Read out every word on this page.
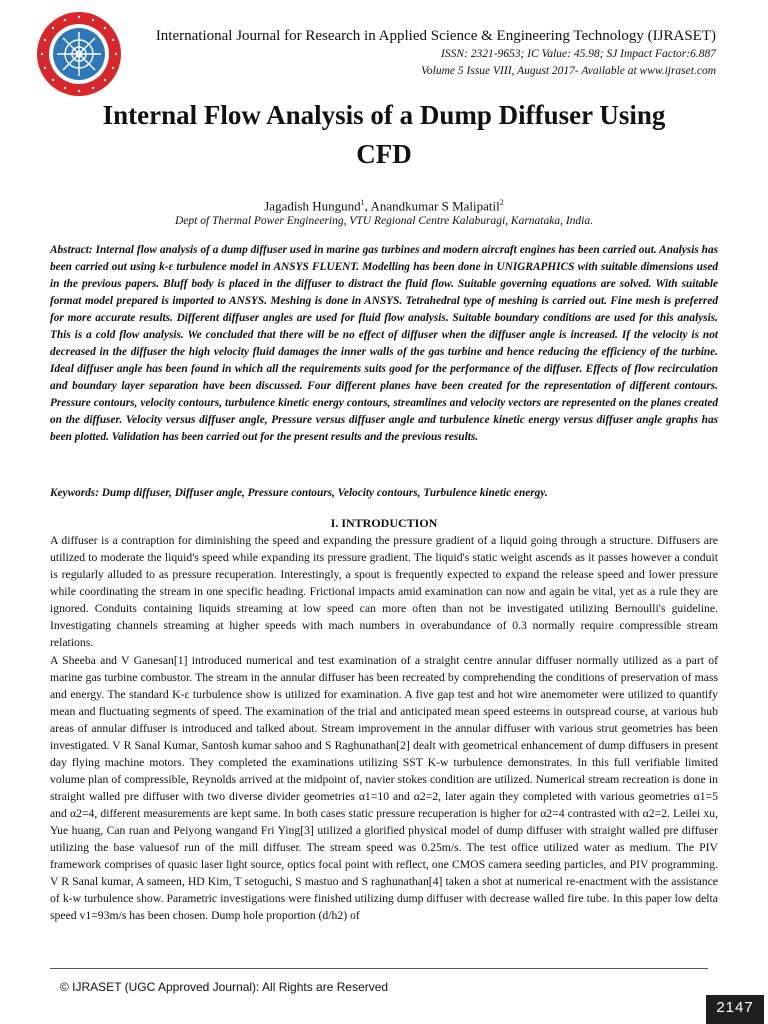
International Journal for Research in Applied Science & Engineering Technology (IJRASET)

ISSN: 2321-9653; IC Value: 45.98; SJ Impact Factor:6.887

Volume 5 Issue VIII, August 2017- Available at www.ijraset.com

Internal Flow Analysis of a Dump Diffuser Using
CFD

Jagadish Hungund$^1$, Anandkumar S Malipatil$^2$

Dept of Thermal Power Engineering, VTU Regional Centre Kalaburagi, Karnataka, India.

Abstract: Internal flow analysis of a dump diffuser used in marine gas turbines and modern aircraft engines has been carried out. Analysis has been carried out using k-ε turbulence model in ANSYS FLUENT. Modelling has been done in UNIGRAPHICS with suitable dimensions used in the previous papers. Bluff body is placed in the diffuser to distract the fluid flow. Suitable governing equations are solved. With suitable format model prepared is imported to ANSYS. Meshing is done in ANSYS. Tetrahedral type of meshing is carried out. Fine mesh is preferred for more accurate results. Different diffuser angles are used for fluid flow analysis. Suitable boundary conditions are used for this analysis. This is a cold flow analysis. We concluded that there will be no effect of diffuser when the diffuser angle is increased. If the velocity is not decreased in the diffuser the high velocity fluid damages the inner walls of the gas turbine and hence reducing the efficiency of the turbine. Ideal diffuser angle has been found in which all the requirements suits good for the performance of the diffuser. Effects of flow recirculation and boundary layer separation have been discussed. Four different planes have been created for the representation of different contours. Pressure contours, velocity contours, turbulence kinetic energy contours, streamlines and velocity vectors are represented on the planes created on the diffuser. Velocity versus diffuser angle, Pressure versus diffuser angle and turbulence kinetic energy versus diffuser angle graphs has been plotted. Validation has been carried out for the present results and the previous results.

Keywords: Dump diffuser, Diffuser angle, Pressure contours, Velocity contours, Turbulence kinetic energy.

I. INTRODUCTION

A diffuser is a contraption for diminishing the speed and expanding the pressure gradient of a liquid going through a structure. Diffusers are utilized to moderate the liquid's speed while expanding its pressure gradient. The liquid's static weight ascends as it passes however a conduit is regularly alluded to as pressure recuperation. Interestingly, a spout is frequently expected to expand the release speed and lower pressure while coordinating the stream in one specific heading. Frictional impacts amid examination can now and again be vital, yet as a rule they are ignored. Conduits containing liquids streaming at low speed can more often than not be investigated utilizing Bernoulli's guideline. Investigating channels streaming at higher speeds with mach numbers in overabundance of 0.3 normally require compressible stream relations.

A Sheeba and V Ganesan[1] introduced numerical and test examination of a straight centre annular diffuser normally utilized as a part of marine gas turbine combustor. The stream in the annular diffuser has been recreated by comprehending the conditions of preservation of mass and energy. The standard K-ε turbulence show is utilized for examination. A five gap test and hot wire anemometer were utilized to quantify mean and fluctuating segments of speed. The examination of the trial and anticipated mean speed esteems in outspread course, at various hub areas of annular diffuser is introduced and talked about. Stream improvement in the annular diffuser with various strut geometries has been investigated. V R Sanal Kumar, Santosh kumar sahoo and S Raghunathan[2] dealt with geometrical enhancement of dump diffusers in present day flying machine motors. They completed the examinations utilizing SST K-w turbulence demonstrates. In this full verifiable limited volume plan of compressible, Reynolds arrived at the midpoint of, navier stokes condition are utilized. Numerical stream recreation is done in straight walled pre diffuser with two diverse divider geometries α1=10 and α2=2, later again they completed with various geometries α1=5 and α2=4, different measurements are kept same. In both cases static pressure recuperation is higher for α2=4 contrasted with α2=2. Leilei xu, Yue huang, Can ruan and Peiyong wangand Fri Ying[3] utilized a glorified physical model of dump diffuser with straight walled pre diffuser utilizing the base valuesof run of the mill diffuser. The stream speed was 0.25m/s. The test office utilized water as medium. The PIV framework comprises of quasic laser light source, optics focal point with reflect, one CMOS camera seeding particles, and PIV programming. V R Sanal kumar, A sameen, HD Kim, T setoguchi, S mastuo and S raghunathan[4] taken a shot at numerical re-enactment with the assistance of k-w turbulence show. Parametric investigations were finished utilizing dump diffuser with decrease walled fire tube. In this paper low delta speed v1=93m/s has been chosen. Dump hole proportion (d/h2) of

© IJRASET (UGC Approved Journal): All Rights are Reserved

2147
